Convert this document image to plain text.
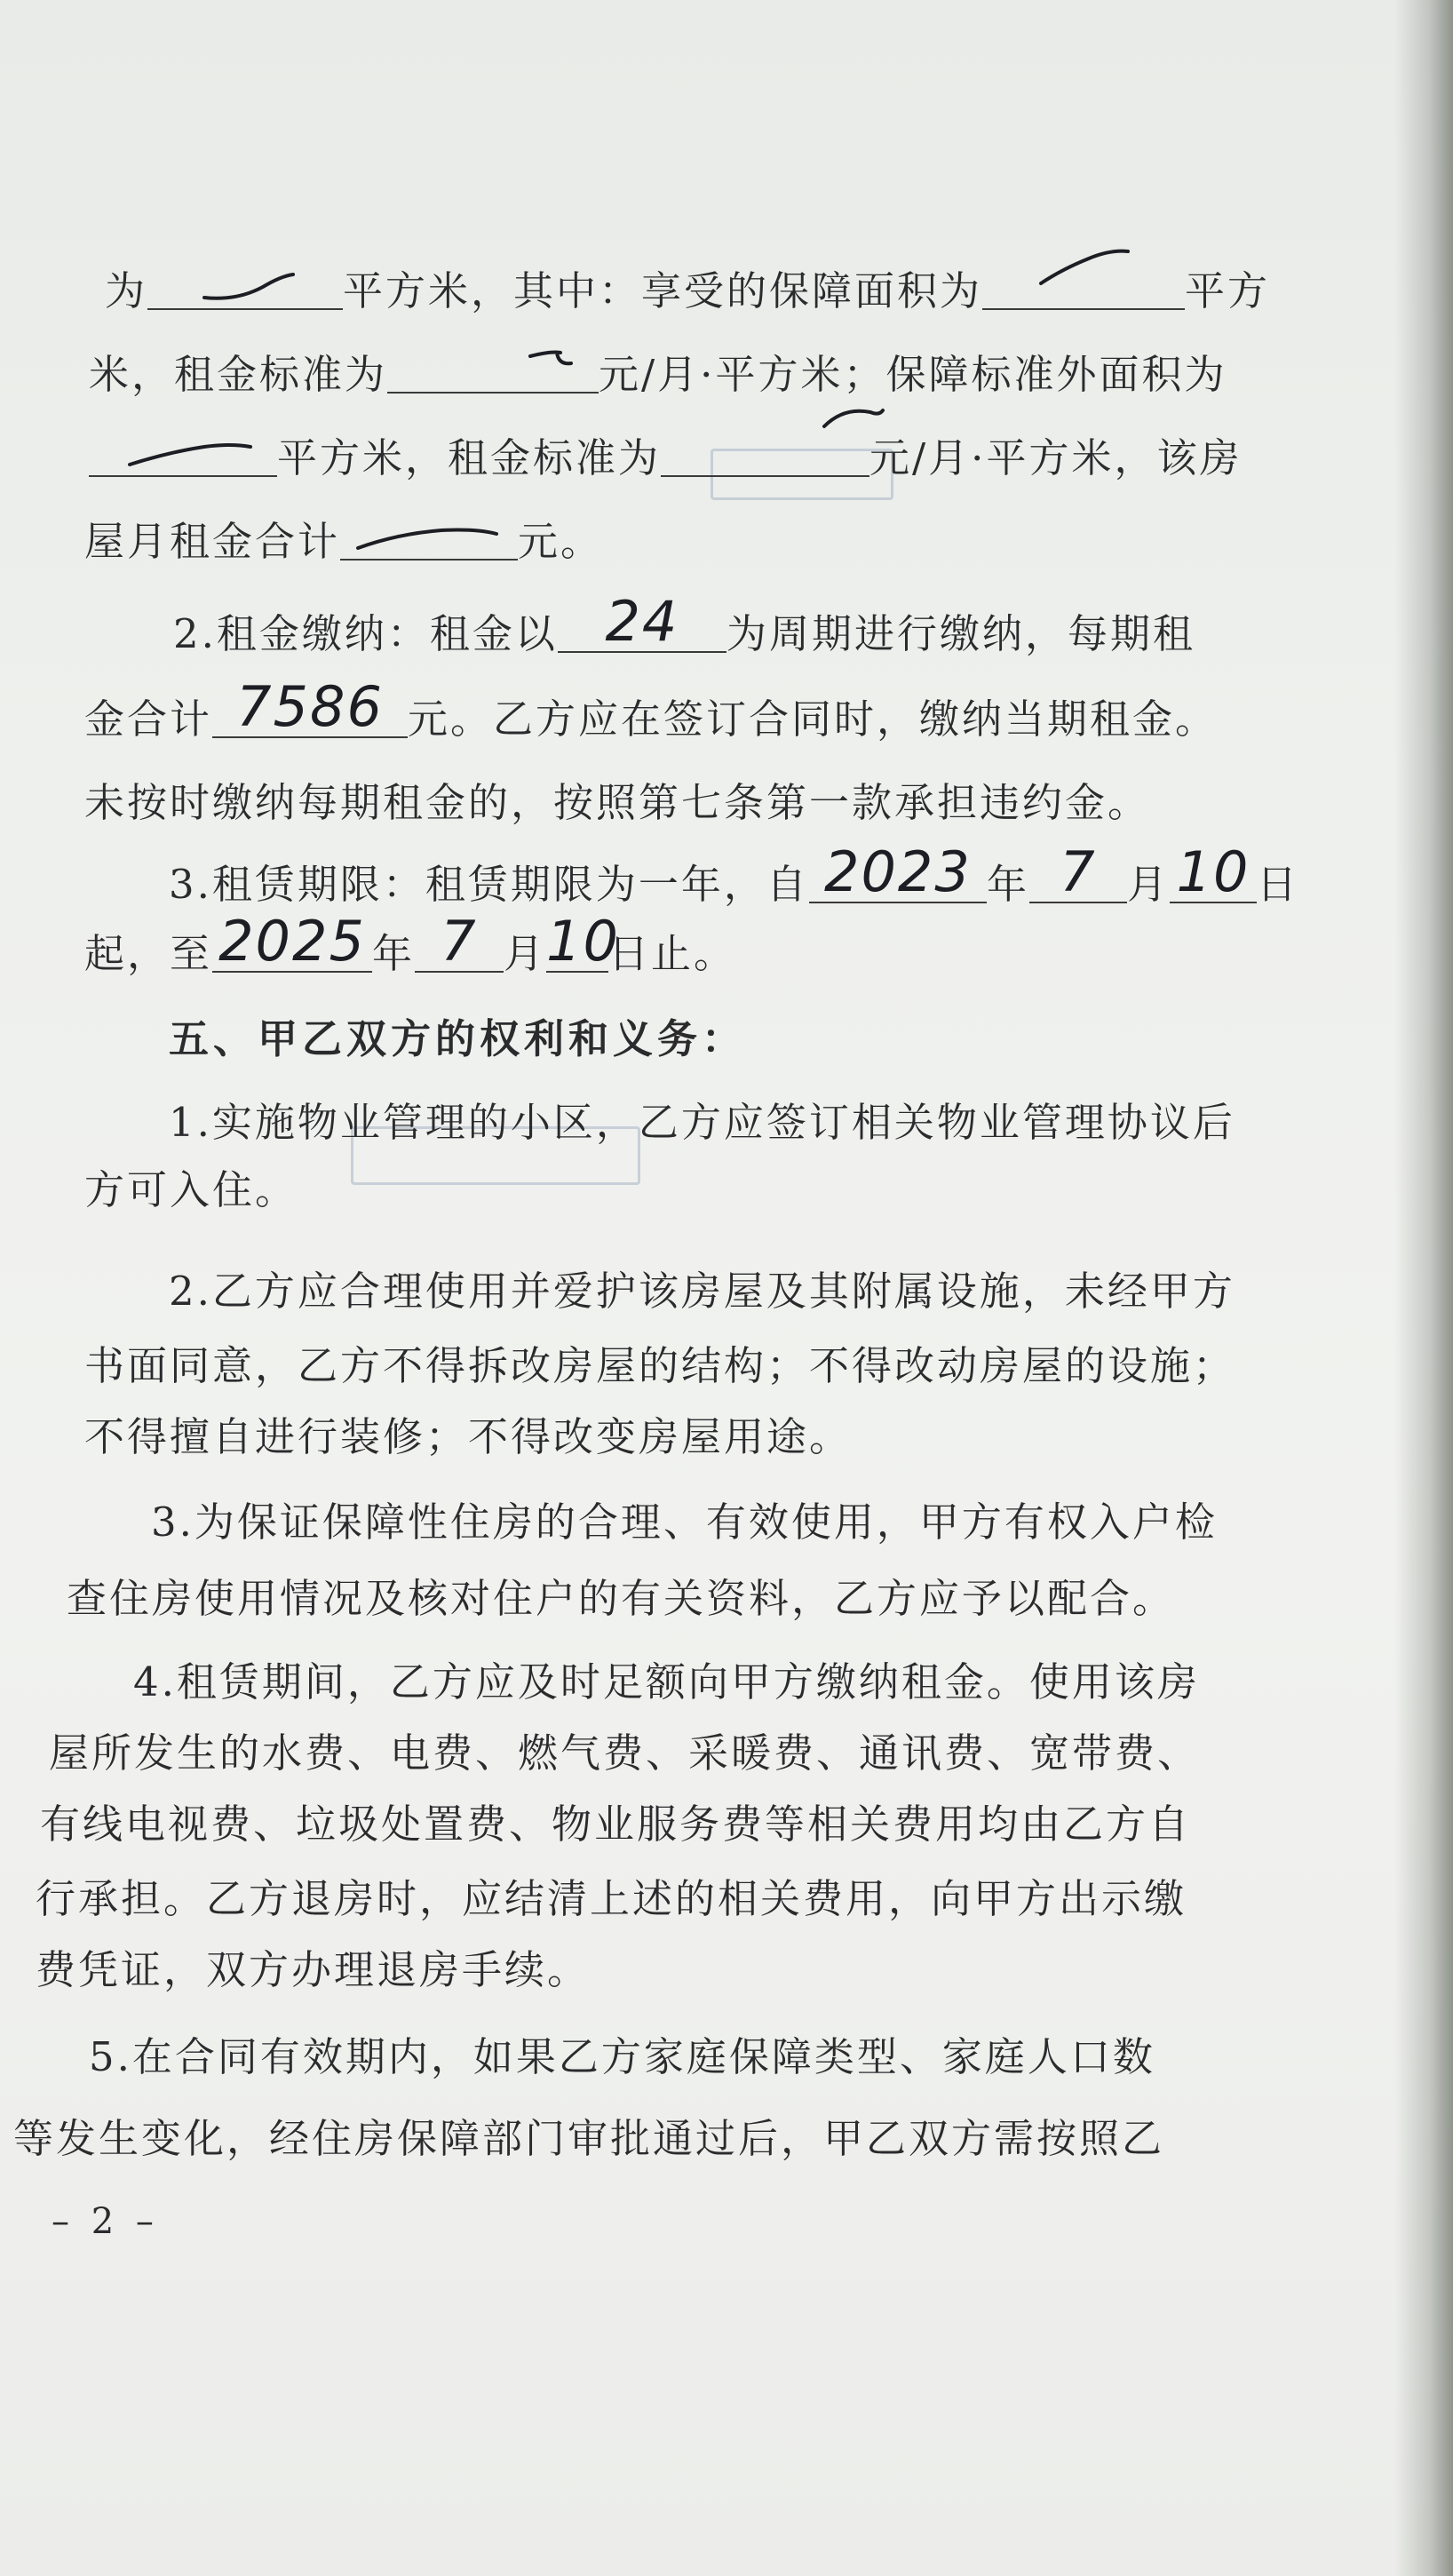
为	平方米，其中：享受的保障面积为	平方
米，租金标准为	元/月·平方米；保障标准外面积为
平方米，租金标准为	元/月·平方米，该房
屋月租金合计	元。
2.租金缴纳：租金以 24	为周期进行缴纳，每期租
金合计 7586 元。乙方应在签订合同时，缴纳当期租金。
未按时缴纳每期租金的，按照第七条第一款承担违约金。
3.租赁期限：租赁期限为一年，自 2023 年 7 月 10 日
起，至 2025 年 7 月 10
日止。
五、甲乙双方的权利和义务：
1.实施物业管理的小区，乙方应签订相关物业管理协议后
方可入住。
2.乙方应合理使用并爱护该房屋及其附属设施，未经甲方
书面同意，乙方不得拆改房屋的结构；不得改动房屋的设施；
不得擅自进行装修；不得改变房屋用途。
3.为保证保障性住房的合理、有效使用，甲方有权入户检
查住房使用情况及核对住户的有关资料，乙方应予以配合。
4.租赁期间，乙方应及时足额向甲方缴纳租金。使用该房
屋所发生的水费、电费、燃气费、采暖费、通讯费、宽带费、
有线电视费、垃圾处置费、物业服务费等相关费用均由乙方自
行承担。乙方退房时，应结清上述的相关费用，向甲方出示缴
费凭证，双方办理退房手续。
5.在合同有效期内，如果乙方家庭保障类型、家庭人口数
等发生变化，经住房保障部门审批通过后，甲乙双方需按照乙
– 2 –
